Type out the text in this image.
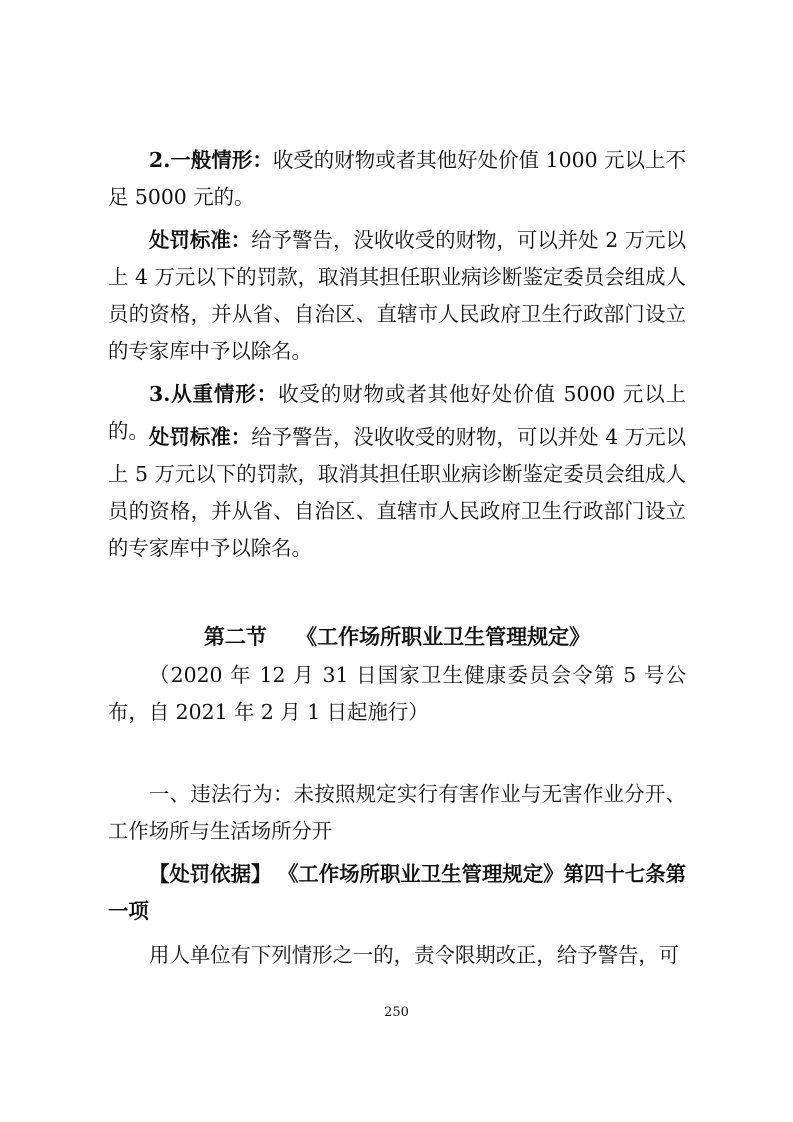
2.一般情形：收受的财物或者其他好处价值 1000 元以上不足 5000 元的。

处罚标准：给予警告，没收收受的财物，可以并处 2 万元以上 4 万元以下的罚款，取消其担任职业病诊断鉴定委员会组成人员的资格，并从省、自治区、直辖市人民政府卫生行政部门设立的专家库中予以除名。

3.从重情形：收受的财物或者其他好处价值 5000 元以上的。 处罚标准：给予警告，没收收受的财物，可以并处 4 万元以上 5 万元以下的罚款，取消其担任职业病诊断鉴定委员会组成人员的资格，并从省、自治区、直辖市人民政府卫生行政部门设立的专家库中予以除名。

第二节 《工作场所职业卫生管理规定》

（2020 年 12 月 31 日国家卫生健康委员会令第 5 号公布，自 2021 年 2 月 1 日起施行）

一、违法行为：未按照规定实行有害作业与无害作业分开、工作场所与生活场所分开

【处罚依据】 《工作场所职业卫生管理规定》第四十七条第一项

用人单位有下列情形之一的，责令限期改正，给予警告，可

250
